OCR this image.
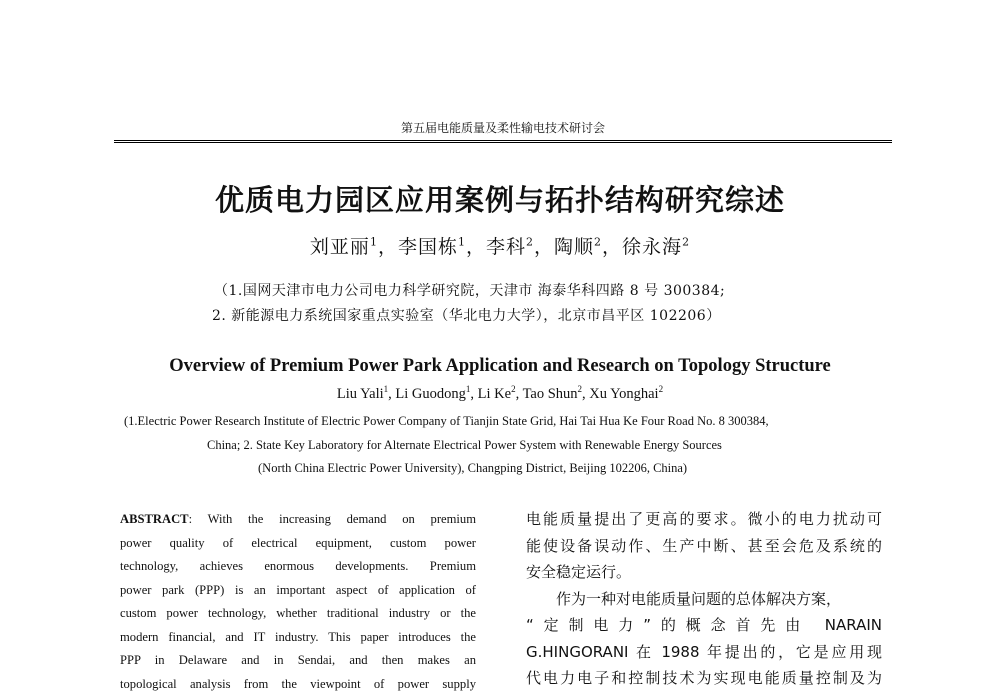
第五届电能质量及柔性输电技术研讨会
优质电力园区应用案例与拓扑结构研究综述
刘亚丽$^1$，李国栋$^1$，李科$^2$，陶顺$^2$，徐永海$^2$
（1.国网天津市电力公司电力科学研究院，天津市 海泰华科四路 8 号 300384;
2. 新能源电力系统国家重点实验室（华北电力大学），北京市昌平区 102206）
Overview of Premium Power Park Application and Research on Topology Structure
Liu Yali$^1$, Li Guodong$^1$, Li Ke$^2$, Tao Shun$^2$, Xu Yonghai$^2$
(1.Electric Power Research Institute of Electric Power Company of Tianjin State Grid, Hai Tai Hua Ke Four Road No. 8 300384,
China; 2. State Key Laboratory for Alternate Electrical Power System with Renewable Energy Sources
(North China Electric Power University), Changping District, Beijing 102206, China)
ABSTRACT: With the increasing demand on premium
power quality of electrical equipment, custom power
technology, achieves enormous developments. Premium
power park (PPP) is an important aspect of application of
custom power technology, whether traditional industry or the
modern financial, and IT industry. This paper introduces the
PPP in Delaware and in Sendai, and then makes an
topological analysis from the viewpoint of power supply
电能质量提出了更高的要求。微小的电力扰动可
能使设备误动作、生产中断、甚至会危及系统的
安全稳定运行。
作为一种对电能质量问题的总体解决方案，
“定制电力”的概念首先由 NARAIN
G.HINGORANI 在 1988 年提出的，它是应用现
代电力电子和控制技术为实现电能质量控制及为
